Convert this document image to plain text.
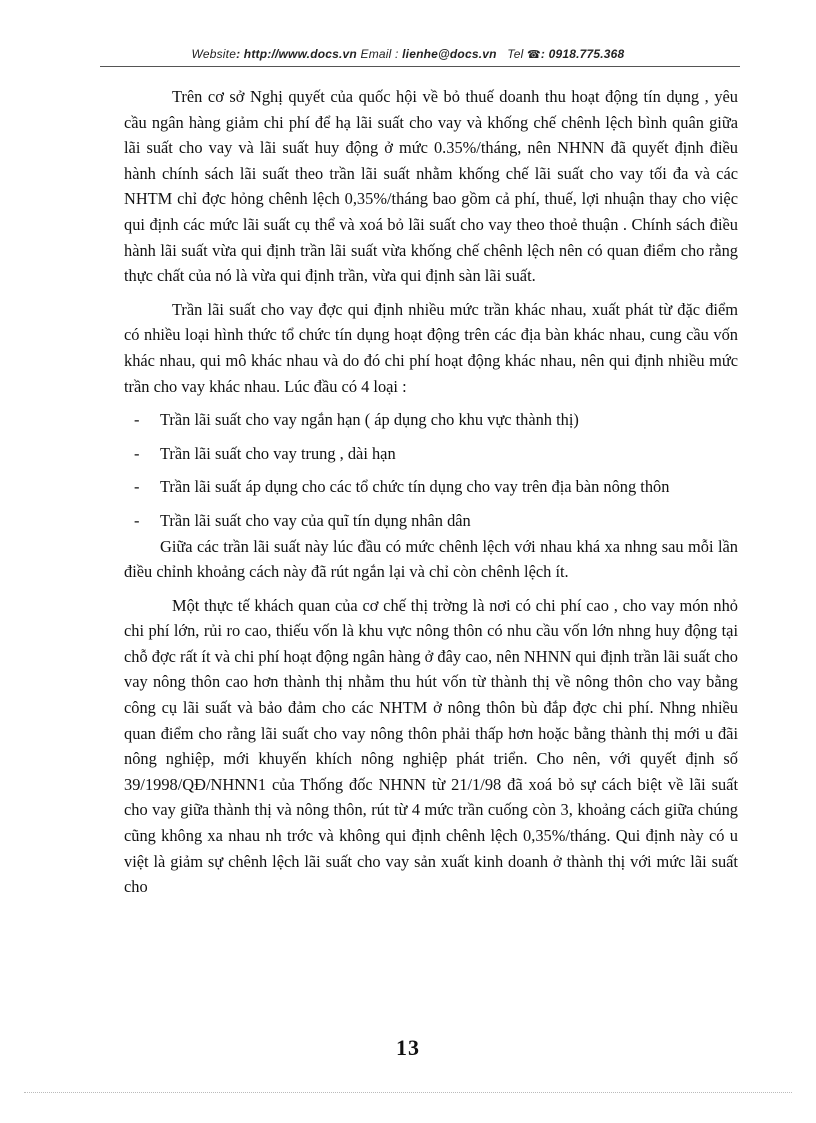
Website: http://www.docs.vn Email : lienhe@docs.vn Tel ☎: 0918.775.368

Trên cơ sở Nghị quyết của quốc hội về bỏ thuế doanh thu hoạt động tín dụng , yêu cầu ngân hàng giảm chi phí để hạ lãi suất cho vay và khống chế chênh lệch bình quân giữa lãi suất cho vay và lãi suất huy động ở mức 0.35%/tháng, nên NHNN đã quyết định điều hành chính sách lãi suất theo trần lãi suất nhằm khống chế lãi suất cho vay tối đa và các NHTM chỉ đợc hỏng chênh lệch 0,35%/tháng bao gồm cả phí, thuế, lợi nhuận thay cho việc qui định các mức lãi suất cụ thể và xoá bỏ lãi suất cho vay theo thoẻ thuận . Chính sách điều hành lãi suất vừa qui định trần lãi suất vừa khống chế chênh lệch nên có quan điểm cho rằng thực chất của nó là vừa qui định trần, vừa qui định sàn lãi suất.

Trần lãi suất cho vay đợc qui định nhiều mức trần khác nhau, xuất phát từ đặc điểm có nhiều loại hình thức tổ chức tín dụng hoạt động trên các địa bàn khác nhau, cung cầu vốn khác nhau, qui mô khác nhau và do đó chi phí hoạt động khác nhau, nên qui định nhiều mức trần cho vay khác nhau. Lúc đầu có 4 loại :

- Trần lãi suất cho vay ngắn hạn ( áp dụng cho khu vực thành thị)
- Trần lãi suất cho vay trung , dài hạn
- Trần lãi suất áp dụng cho các tổ chức tín dụng cho vay trên địa bàn nông thôn
- Trần lãi suất cho vay của quĩ tín dụng nhân dân

Giữa các trần lãi suất này lúc đầu có mức chênh lệch với nhau khá xa nhng sau mỗi lần điều chỉnh khoảng cách này đã rút ngắn lại và chỉ còn chênh lệch ít.

Một thực tế khách quan của cơ chế thị trờng là nơi có chi phí cao , cho vay món nhỏ chi phí lớn, rủi ro cao, thiếu vốn là khu vực nông thôn có nhu cầu vốn lớn nhng huy động tại chỗ đợc rất ít và chi phí hoạt động ngân hàng ở đây cao, nên NHNN qui định trần lãi suất cho vay nông thôn cao hơn thành thị nhằm thu hút vốn từ thành thị về nông thôn cho vay bằng công cụ lãi suất và bảo đảm cho các NHTM ở nông thôn bù đắp đợc chi phí. Nhng nhiều quan điểm cho rằng lãi suất cho vay nông thôn phải thấp hơn hoặc bằng thành thị mới u đãi nông nghiệp, mới khuyến khích nông nghiệp phát triển. Cho nên, với quyết định số 39/1998/QĐ/NHNN1 của Thống đốc NHNN từ 21/1/98 đã xoá bỏ sự cách biệt về lãi suất cho vay giữa thành thị và nông thôn, rút từ 4 mức trần cuống còn 3, khoảng cách giữa chúng cũng không xa nhau nh trớc và không qui định chênh lệch 0,35%/tháng. Qui định này có u việt là giảm sự chênh lệch lãi suất cho vay sản xuất kinh doanh ở thành thị với mức lãi suất cho

13
